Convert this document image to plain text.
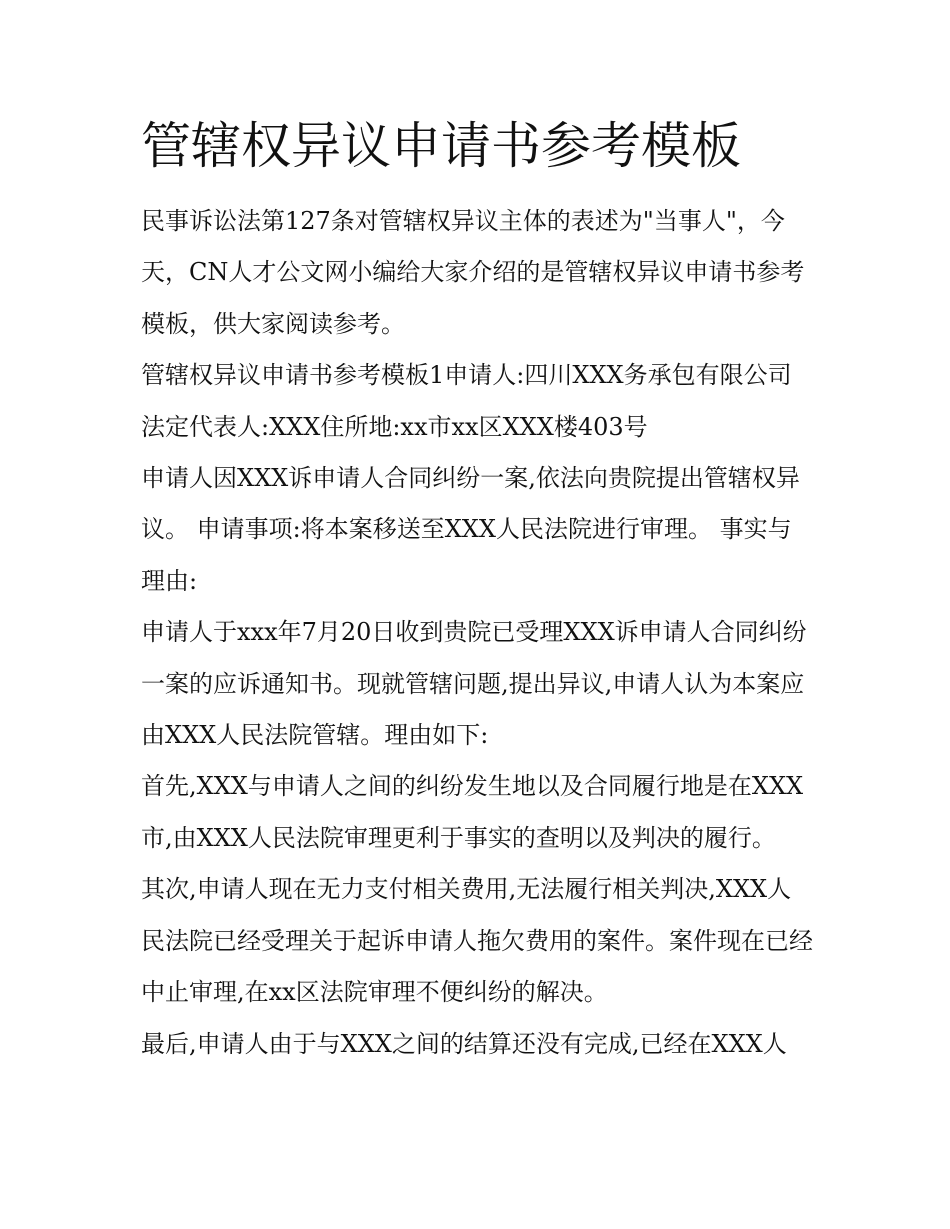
管辖权异议申请书参考模板

民事诉讼法第127条对管辖权异议主体的表述为"当事人"，今天，CN人才公文网小编给大家介绍的是管辖权异议申请书参考模板，供大家阅读参考。

管辖权异议申请书参考模板1申请人:四川XXX务承包有限公司 法定代表人:XXX住所地:xx市xx区XXX楼403号

申请人因XXX诉申请人合同纠纷一案,依法向贵院提出管辖权异议。 申请事项:将本案移送至XXX人民法院进行审理。 事实与理由:

申请人于xxx年7月20日收到贵院已受理XXX诉申请人合同纠纷一案的应诉通知书。现就管辖问题,提出异议,申请人认为本案应由XXX人民法院管辖。理由如下:

首先,XXX与申请人之间的纠纷发生地以及合同履行地是在XXX市,由XXX人民法院审理更利于事实的查明以及判决的履行。

其次,申请人现在无力支付相关费用,无法履行相关判决,XXX人民法院已经受理关于起诉申请人拖欠费用的案件。案件现在已经中止审理,在xx区法院审理不便纠纷的解决。

最后,申请人由于与XXX之间的结算还没有完成,已经在XXX人
